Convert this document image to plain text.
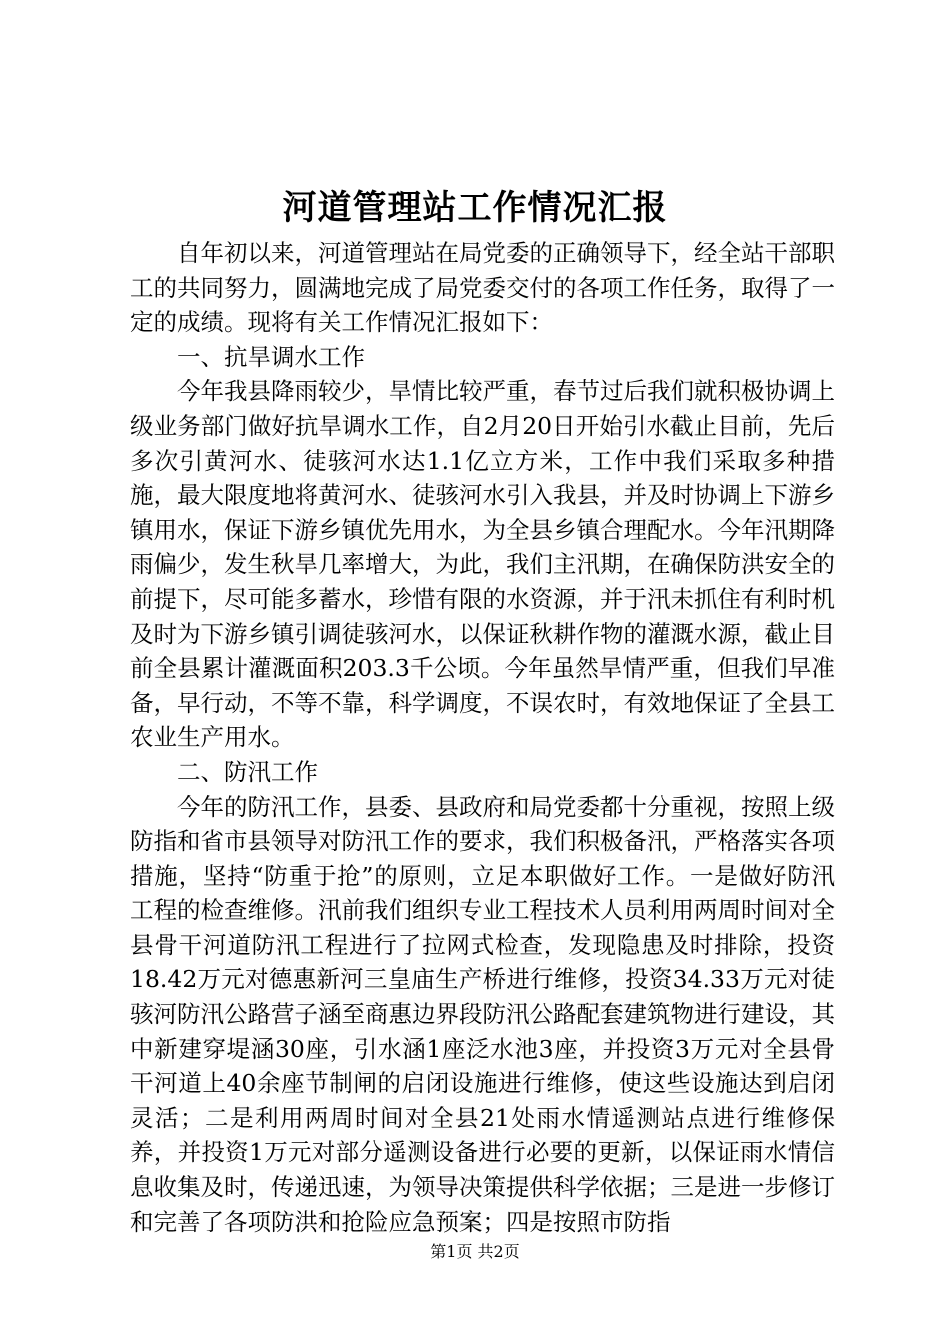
河道管理站工作情况汇报

自年初以来，河道管理站在局党委的正确领导下，经全站干部职工的共同努力，圆满地完成了局党委交付的各项工作任务，取得了一定的成绩。现将有关工作情况汇报如下：

一、抗旱调水工作

今年我县降雨较少，旱情比较严重，春节过后我们就积极协调上级业务部门做好抗旱调水工作，自2月20日开始引水截止目前，先后多次引黄河水、徒骇河水达1.1亿立方米，工作中我们采取多种措施，最大限度地将黄河水、徒骇河水引入我县，并及时协调上下游乡镇用水，保证下游乡镇优先用水，为全县乡镇合理配水。今年汛期降雨偏少，发生秋旱几率增大，为此，我们主汛期，在确保防洪安全的前提下，尽可能多蓄水，珍惜有限的水资源，并于汛未抓住有利时机及时为下游乡镇引调徒骇河水，以保证秋耕作物的灌溉水源，截止目前全县累计灌溉面积203.3千公顷。今年虽然旱情严重，但我们早准备，早行动，不等不靠，科学调度，不误农时，有效地保证了全县工农业生产用水。

二、防汛工作

今年的防汛工作，县委、县政府和局党委都十分重视，按照上级防指和省市县领导对防汛工作的要求，我们积极备汛，严格落实各项措施，坚持“防重于抢”的原则，立足本职做好工作。一是做好防汛工程的检查维修。汛前我们组织专业工程技术人员利用两周时间对全县骨干河道防汛工程进行了拉网式检查，发现隐患及时排除，投资18.42万元对德惠新河三皇庙生产桥进行维修，投资34.33万元对徒骇河防汛公路营子涵至商惠边界段防汛公路配套建筑物进行建设，其中新建穿堤涵30座，引水涵1座泛水池3座，并投资3万元对全县骨干河道上40余座节制闸的启闭设施进行维修，使这些设施达到启闭灵活；二是利用两周时间对全县21处雨水情遥测站点进行维修保养，并投资1万元对部分遥测设备进行必要的更新，以保证雨水情信息收集及时，传递迅速，为领导决策提供科学依据；三是进一步修订和完善了各项防洪和抢险应急预案；四是按照市防指

第1页 共2页
